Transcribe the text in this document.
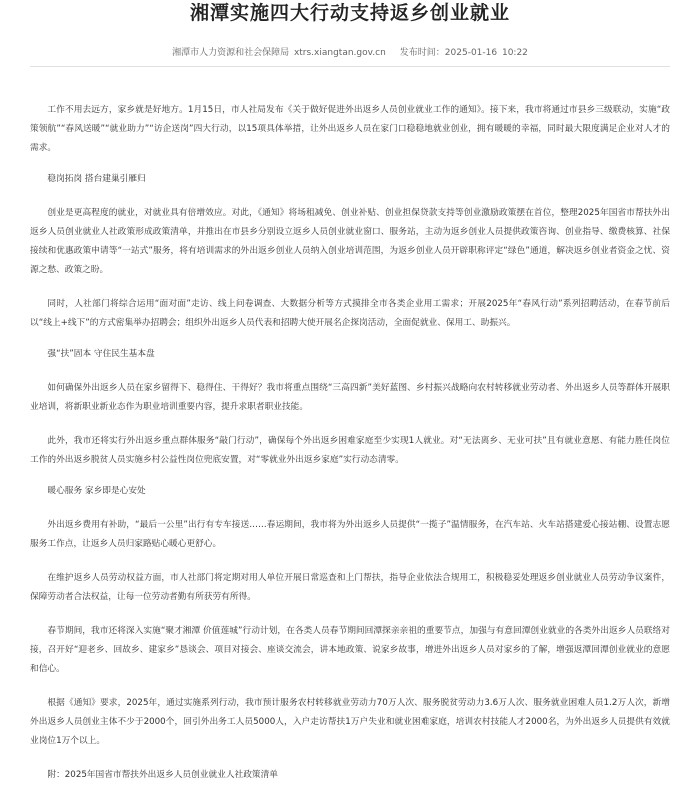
湘潭实施四大行动支持返乡创业就业
湘潭市人力资源和社会保障局 xtrs.xiangtan.gov.cn 发布时间：2025-01-16 10:22

工作不用去远方，家乡就是好地方。1月15日，市人社局发布《关于做好促进外出返乡人员创业就业工作的通知》。接下来，我市将通过市县乡三级联动，实施“政策领航”“春风送暖”“就业助力”“访企送岗”四大行动，以15项具体举措，让外出返乡人员在家门口稳稳地就业创业，拥有暖暖的幸福，同时最大限度满足企业对人才的需求。

稳岗拓岗 搭台建巢引雁归

创业是更高程度的就业，对就业具有倍增效应。对此，《通知》将场租减免、创业补贴、创业担保贷款支持等创业激励政策摆在首位，整理2025年国省市帮扶外出返乡人员创业就业人社政策形成政策清单，并推出在市县乡分别设立返乡人员创业就业窗口、服务站，主动为返乡创业人员提供政策咨询、创业指导、缴费核算、社保接续和优惠政策申请等“一站式”服务，将有培训需求的外出返乡创业人员纳入创业培训范围，为返乡创业人员开辟职称评定“绿色”通道，解决返乡创业者资金之忧、资源之愁、政策之盼。

同时，人社部门将综合运用“面对面”走访、线上问卷调查、大数据分析等方式摸排全市各类企业用工需求；开展2025年“春风行动”系列招聘活动，在春节前后以“线上+线下”的方式密集举办招聘会；组织外出返乡人员代表和招聘大使开展名企探岗活动，全面促就业、保用工、助振兴。

强“扶”固本 守住民生基本盘

如何确保外出返乡人员在家乡留得下、稳得住、干得好？我市将重点围绕“三高四新”美好蓝图、乡村振兴战略向农村转移就业劳动者、外出返乡人员等群体开展职业培训，将新职业新业态作为职业培训重要内容，提升求职者职业技能。

此外，我市还将实行外出返乡重点群体服务“敲门行动”，确保每个外出返乡困难家庭至少实现1人就业。对“无法离乡、无业可扶”且有就业意愿、有能力胜任岗位工作的外出返乡脱贫人员实施乡村公益性岗位兜底安置，对“零就业外出返乡家庭”实行动态清零。

暖心服务 家乡即是心安处

外出返乡费用有补助，“最后一公里”出行有专车接送……春运期间，我市将为外出返乡人员提供“一揽子”温情服务，在汽车站、火车站搭建爱心接站棚、设置志愿服务工作点，让返乡人员归家路贴心暖心更舒心。

在维护返乡人员劳动权益方面，市人社部门将定期对用人单位开展日常巡查和上门帮扶，指导企业依法合规用工，积极稳妥处理返乡创业就业人员劳动争议案件，保障劳动者合法权益，让每一位劳动者勤有所获劳有所得。

春节期间，我市还将深入实施“聚才湘潭 价值莲城”行动计划，在各类人员春节期间回潭探亲亲祖的重要节点，加强与有意回潭创业就业的各类外出返乡人员联络对接，召开好“迎老乡、回故乡、建家乡”恳谈会、项目对接会、座谈交流会，讲本地政策、说家乡故事，增进外出返乡人员对家乡的了解，增强返潭回潭创业就业的意愿和信心。

根据《通知》要求，2025年，通过实施系列行动，我市预计服务农村转移就业劳动力70万人次、服务脱贫劳动力3.6万人次、服务就业困难人员1.2万人次，新增外出返乡人员创业主体不少于2000个，回引外出务工人员5000人，入户走访帮扶1万户失业和就业困难家庭，培训农村技能人才2000名，为外出返乡人员提供有效就业岗位1万个以上。

附：2025年国省市帮扶外出返乡人员创业就业人社政策清单
